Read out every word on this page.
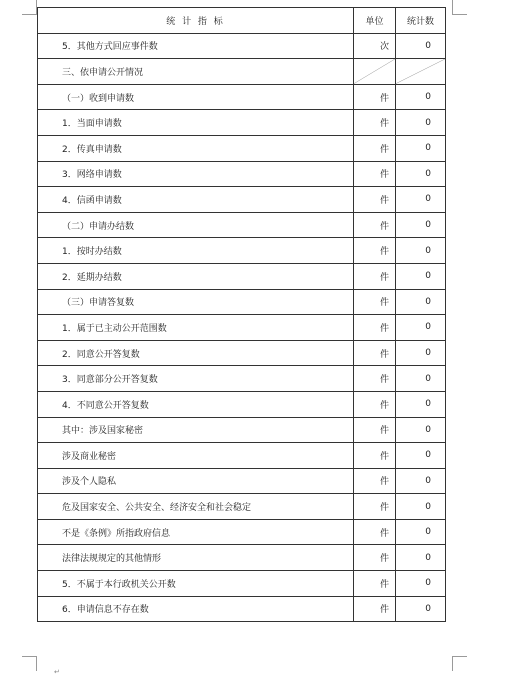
统 计 指 标	单位	统计数
5．其他方式回应事件数	次	0
三、依申请公开情况	

（一）收到申请数	件	0
1．当面申请数	件	0
2．传真申请数	件	0
3．网络申请数	件	0
4．信函申请数	件	0
（二）申请办结数	件	0
1．按时办结数	件	0
2．延期办结数	件	0
（三）申请答复数	件	0
1．属于已主动公开范围数	件	0
2．同意公开答复数	件	0
3．同意部分公开答复数	件	0
4．不同意公开答复数	件	0
其中：涉及国家秘密	件	0
涉及商业秘密	件	0
涉及个人隐私	件	0
危及国家安全、公共安全、经济安全和社会稳定	件	0
不是《条例》所指政府信息	件	0
法律法规规定的其他情形	件	0
5．不属于本行政机关公开数	件	0
6．申请信息不存在数	件	0
↵
